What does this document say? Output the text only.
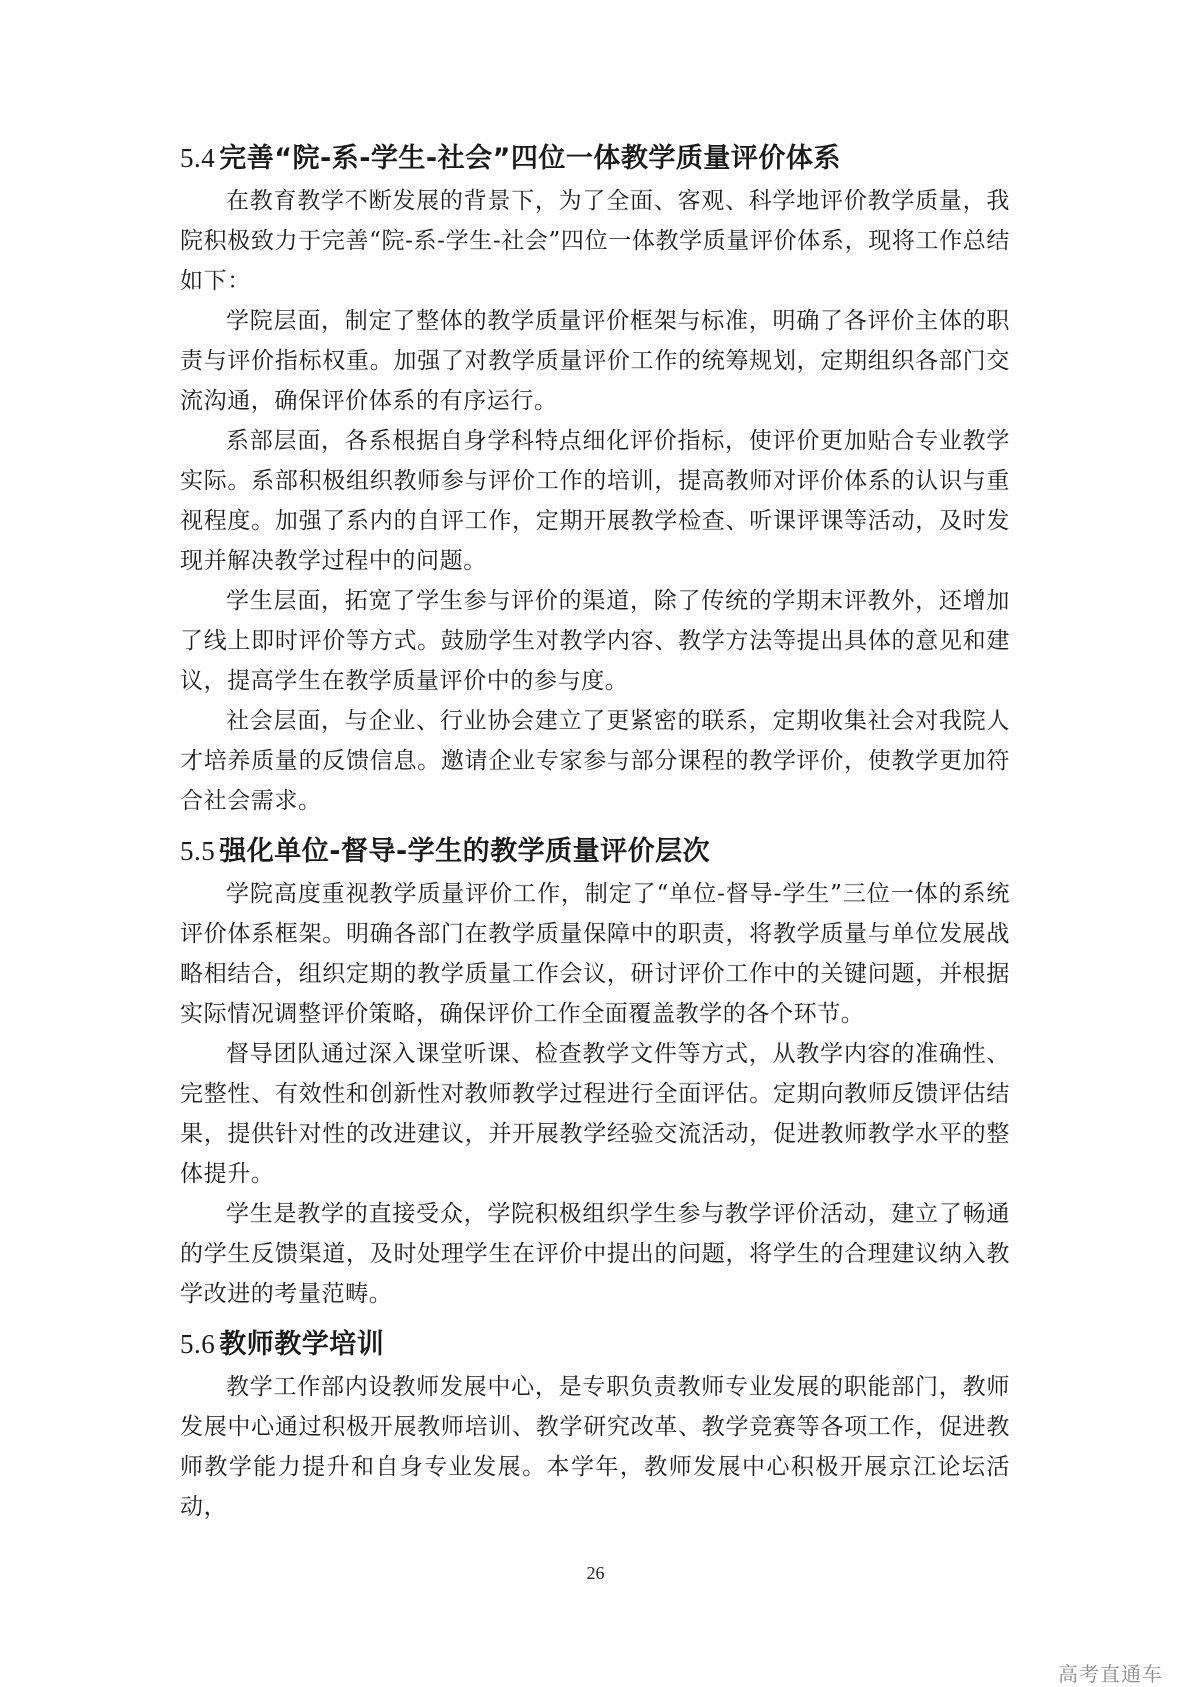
5.4 完善“院-系-学生-社会”四位一体教学质量评价体系

在教育教学不断发展的背景下，为了全面、客观、科学地评价教学质量，我院积极致力于完善“院-系-学生-社会”四位一体教学质量评价体系，现将工作总结如下：

学院层面，制定了整体的教学质量评价框架与标准，明确了各评价主体的职责与评价指标权重。加强了对教学质量评价工作的统筹规划，定期组织各部门交流沟通，确保评价体系的有序运行。

系部层面，各系根据自身学科特点细化评价指标，使评价更加贴合专业教学实际。系部积极组织教师参与评价工作的培训，提高教师对评价体系的认识与重视程度。加强了系内的自评工作，定期开展教学检查、听课评课等活动，及时发现并解决教学过程中的问题。

学生层面，拓宽了学生参与评价的渠道，除了传统的学期末评教外，还增加了线上即时评价等方式。鼓励学生对教学内容、教学方法等提出具体的意见和建议，提高学生在教学质量评价中的参与度。

社会层面，与企业、行业协会建立了更紧密的联系，定期收集社会对我院人才培养质量的反馈信息。邀请企业专家参与部分课程的教学评价，使教学更加符合社会需求。

5.5 强化单位-督导-学生的教学质量评价层次

学院高度重视教学质量评价工作，制定了“单位-督导-学生”三位一体的系统评价体系框架。明确各部门在教学质量保障中的职责，将教学质量与单位发展战略相结合，组织定期的教学质量工作会议，研讨评价工作中的关键问题，并根据实际情况调整评价策略，确保评价工作全面覆盖教学的各个环节。

督导团队通过深入课堂听课、检查教学文件等方式，从教学内容的准确性、完整性、有效性和创新性对教师教学过程进行全面评估。定期向教师反馈评估结果，提供针对性的改进建议，并开展教学经验交流活动，促进教师教学水平的整体提升。

学生是教学的直接受众，学院积极组织学生参与教学评价活动，建立了畅通的学生反馈渠道，及时处理学生在评价中提出的问题，将学生的合理建议纳入教学改进的考量范畴。

5.6 教师教学培训

教学工作部内设教师发展中心，是专职负责教师专业发展的职能部门，教师发展中心通过积极开展教师培训、教学研究改革、教学竞赛等各项工作，促进教师教学能力提升和自身专业发展。本学年，教师发展中心积极开展京江论坛活动，

26
高考直通车
